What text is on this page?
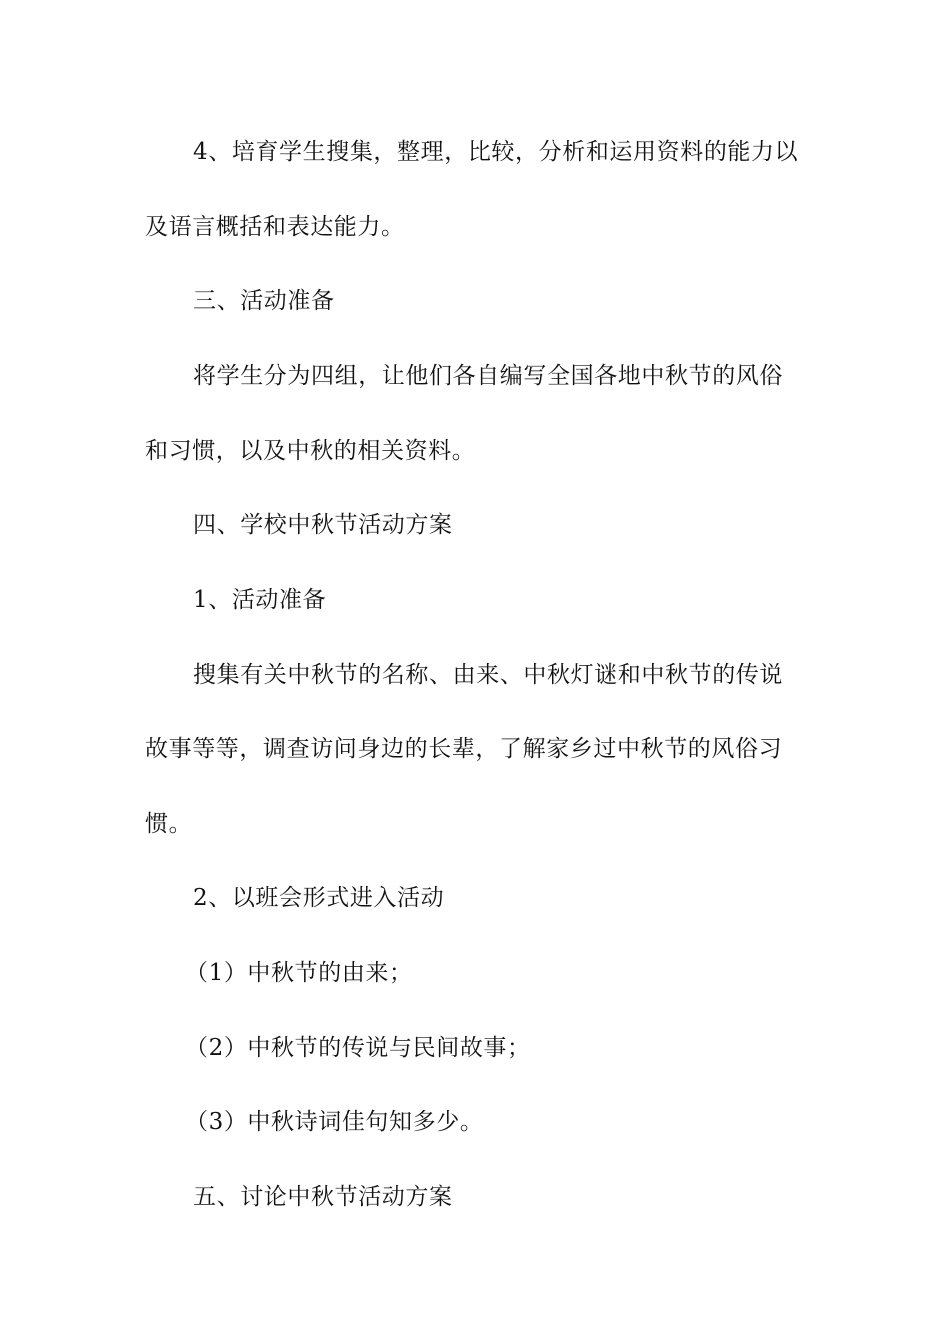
4、培育学生搜集，整理，比较，分析和运用资料的能力以

及语言概括和表达能力。

三、活动准备

将学生分为四组，让他们各自编写全国各地中秋节的风俗

和习惯，以及中秋的相关资料。

四、学校中秋节活动方案

1、活动准备

搜集有关中秋节的名称、由来、中秋灯谜和中秋节的传说

故事等等，调查访问身边的长辈，了解家乡过中秋节的风俗习

惯。

2、以班会形式进入活动

（1）中秋节的由来；

（2）中秋节的传说与民间故事；

（3）中秋诗词佳句知多少。

五、讨论中秋节活动方案
